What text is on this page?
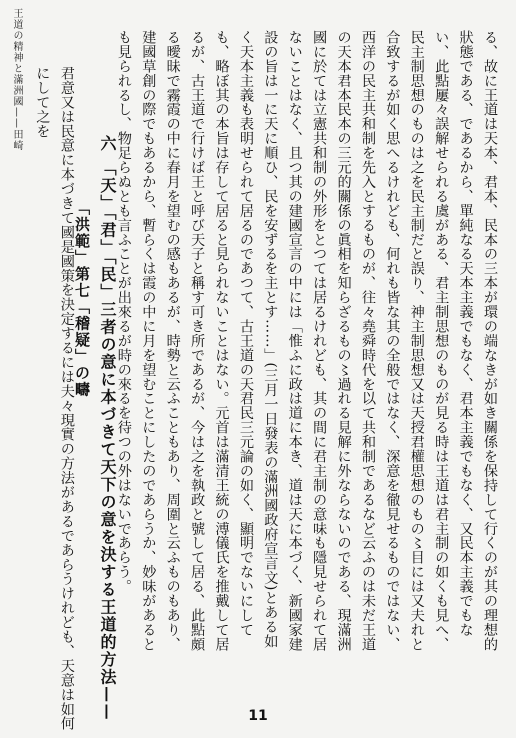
王道の精神と滿洲國——田崎	る、故に王道は天本、君本、民本の三本が環の端なきが如き關係を保持して行くのが其の理想的狀態である、であるから、單純なる天本主義でもなく、君本主義でもなく、又民本主義でもない、此點屢々誤解せられる虞がある、君主制思想のものが見る時は王道は君主制の如くも見へ、民主制思想のものは之を民主制だと誤り、神主制思想又は天授君權思想のもの〻目には又夫れと合致するが如く思へるけれども、何れも皆な其の全般ではなく、深意を徹見せるものではない、西洋の民主共和制を先入とするものが、往々堯舜時代を以て共和制であるなど云ふのは未だ王道の天本君本民本の三元的關係の眞相を知らざるもの〻過れる見解に外ならないのである、現滿洲國に於ては立憲共和制の外形をとつては居るけれども、其の間に君主制の意味も隱見せられて居ないことはなく、且つ其の建國宣言の中には「惟ふに政は道に本き、道は天に本づく、新國家建設の旨は一に天に順ひ、民を安ずるを主とす……」(三月一日發表の滿洲國政府宣言文)とある如く天本主義も表明せられて居るのであつて、古王道の天君民三元論の如く、顯明でないにしても、略ぼ其の本旨は存して居ると見られないことはない。元首は滿清王統の溥儀氏を推戴して居るが、古王道で行けば王と呼び天子と稱す可き所であるが、今は之を執政と號して居る、此點頗る曖昧で霧霞の中に春月を望むの感もあるが、時勢と云ふこともあり、周圍と云ふものもあり、建國草創の際でもあるから、暫らくは霞の中に月を望むことにしたのであらうか、妙味があるとも見られるし、物足らぬとも言ふことが出來るが時の來るを待つの外はないであらう。

六 「天」「君」「民」三者の意に本づきて天下の意を決する王道的方法——
「洪範」第七「稽疑」の疇
君意又は民意に本づきて國是國策を決定するには夫々現實の方法があるであらうけれども、天意は如何にして之を
11
